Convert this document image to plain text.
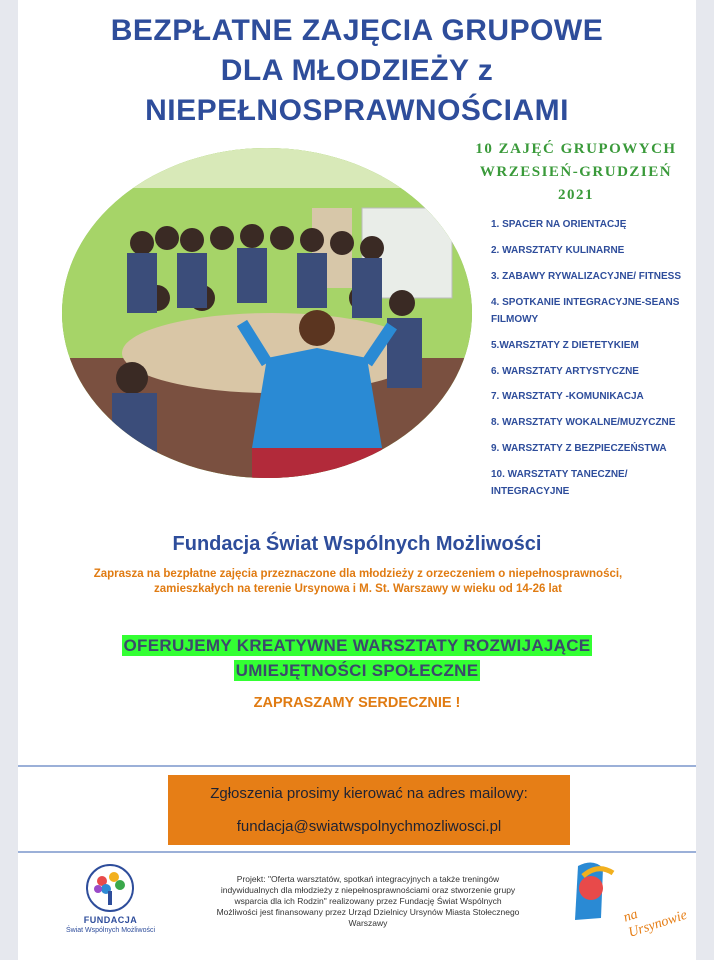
BEZPŁATNE ZAJĘCIA GRUPOWE
DLA MŁODZIEŻY z
NIEPEŁNOSPRAWNOŚCIAMI
10 ZAJĘĆ GRUPOWYCH
WRZESIEŃ-GRUDZIEŃ
2021
1. SPACER NA ORIENTACJĘ
2. WARSZTATY KULINARNE
3. ZABAWY RYWALIZACYJNE/ FITNESS
4. SPOTKANIE INTEGRACYJNE-SEANS FILMOWY
5.WARSZTATY Z DIETETYKIEM
6. WARSZTATY ARTYSTYCZNE
7. WARSZTATY -KOMUNIKACJA
8. WARSZTATY WOKALNE/MUZYCZNE
9. WARSZTATY Z BEZPIECZEŃSTWA
10. WARSZTATY TANECZNE/ INTEGRACYJNE
Fundacja Świat Wspólnych Możliwości
Zaprasza na bezpłatne zajęcia przeznaczone dla młodzieży z orzeczeniem o niepełnosprawności, zamieszkałych na terenie Ursynowa i M. St. Warszawy w wieku od 14-26 lat
OFERUJEMY KREATYWNE WARSZTATY ROZWIJAJĄCE
UMIEJĘTNOŚCI SPOŁECZNE
ZAPRASZAMY SERDECZNIE !
Zgłoszenia prosimy kierować na adres mailowy:
fundacja@swiatwspolnychmozliwosci.pl
FUNDACJA
Świat Wspólnych Możliwości
Projekt: "Oferta warsztatów, spotkań integracyjnych a także treningów indywidualnych dla młodzieży z niepełnosprawnościami oraz stworzenie grupy wsparcia dla ich Rodzin" realizowany przez Fundację Świat Wspólnych Możliwości jest finansowany przez Urząd Dzielnicy Ursynów Miasta Stołecznego Warszawy	na Ursynowie
